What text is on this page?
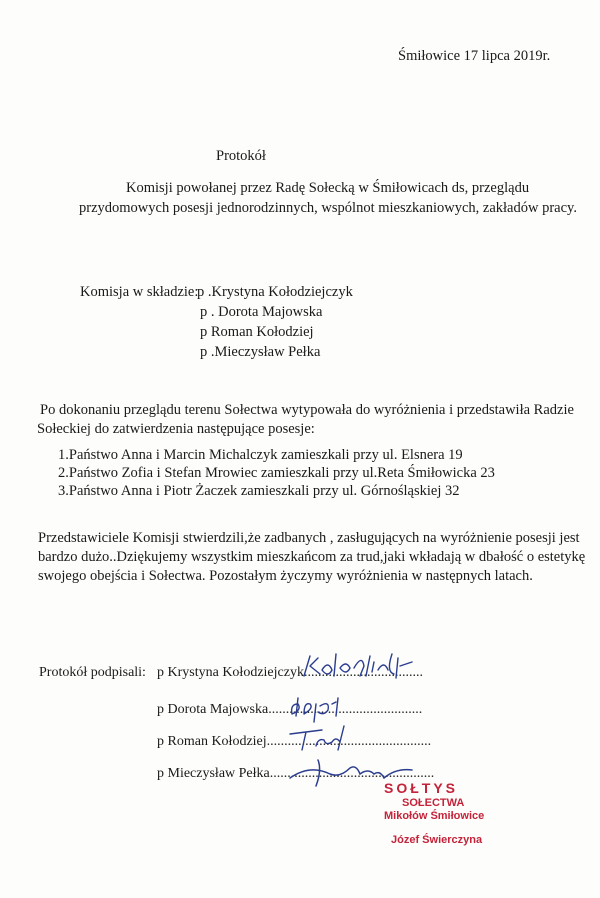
Śmiłowice 17 lipca 2019r.
Protokół
Komisji powołanej przez Radę Sołecką w Śmiłowicach ds, przeglądu
przydomowych posesji jednorodzinnych, wspólnot mieszkaniowych, zakładów pracy.
Komisja w składzie:
p .Krystyna Kołodziejczyk
p . Dorota Majowska
p Roman Kołodziej
p .Mieczysław Pełka
Po dokonaniu przeglądu terenu Sołectwa wytypowała do wyróżnienia i przedstawiła Radzie
Sołeckiej do zatwierdzenia następujące posesje:
1.Państwo Anna i Marcin Michalczyk zamieszkali przy ul. Elsnera 19
2.Państwo Zofia i Stefan Mrowiec zamieszkali przy ul.Reta Śmiłowicka 23
3.Państwo Anna i Piotr Żaczek zamieszkali przy ul. Górnośląskiej 32
Przedstawiciele Komisji stwierdzili,że zadbanych , zasługujących na wyróżnienie posesji jest
bardzo dużo..Dziękujemy wszystkim mieszkańcom za trud,jaki wkładają w dbałość o estetykę
swojego obejścia i Sołectwa. Pozostałym życzymy wyróżnienia w następnych latach.
Protokół podpisali: p Krystyna Kołodziejczyk..................................
p Dorota Majowska............................................
p Roman Kołodziej...............................................
p Mieczysław Pełka...............................................
SOŁTYS
SOŁECTWA
Mikołów Śmiłowice
Józef Świerczyna
